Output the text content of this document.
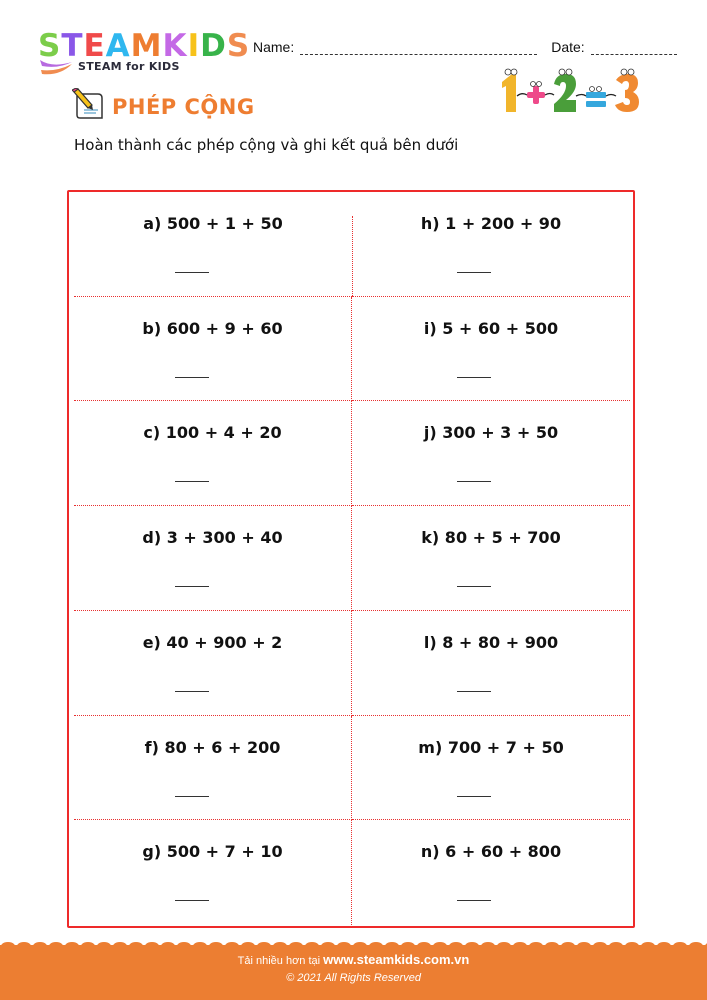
S T E A M K I D S
STEAM for KIDS
Name:	Date:
PHÉP CỘNG
Hoàn thành các phép cộng và ghi kết quả bên dưới
a) 500 + 1 + 50	h) 1 + 200 + 90
b) 600 + 9 + 60	i) 5 + 60 + 500
c) 100 + 4 + 20	j) 300 + 3 + 50
d) 3 + 300 + 40	k) 80 + 5 + 700
e) 40 + 900 + 2	l) 8 + 80 + 900
f) 80 + 6 + 200	m) 700 + 7 + 50
g) 500 + 7 + 10	n) 6 + 60 + 800
Tải nhiều hơn tại www.steamkids.com.vn
© 2021 All Rights Reserved
